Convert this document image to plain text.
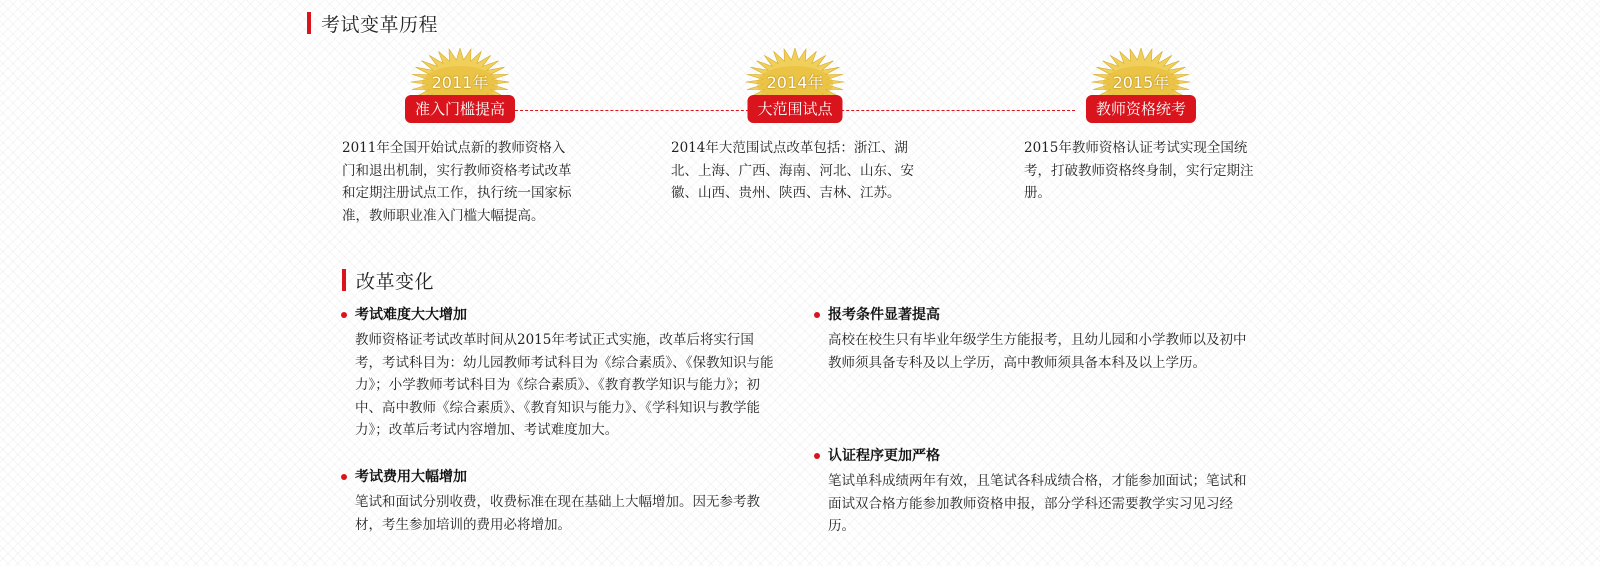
考试变革历程
2011年
准入门槛提高
2014年
大范围试点
2015年
教师资格统考
2011年全国开始试点新的教师资格入门和退出机制，实行教师资格考试改革和定期注册试点工作，执行统一国家标准，教师职业准入门槛大幅提高。
2014年大范围试点改革包括：浙江、湖北、上海、广西、海南、河北、山东、安徽、山西、贵州、陕西、吉林、江苏。
2015年教师资格认证考试实现全国统考，打破教师资格终身制，实行定期注册。
改革变化
考试难度大大增加
教师资格证考试改革时间从2015年考试正式实施，改革后将实行国考，考试科目为：幼儿园教师考试科目为《综合素质》、《保教知识与能力》；小学教师考试科目为《综合素质》、《教育教学知识与能力》；初中、高中教师《综合素质》、《教育知识与能力》、《学科知识与教学能力》；改革后考试内容增加、考试难度加大。
报考条件显著提高
高校在校生只有毕业年级学生方能报考，且幼儿园和小学教师以及初中教师须具备专科及以上学历，高中教师须具备本科及以上学历。
考试费用大幅增加
笔试和面试分别收费，收费标准在现在基础上大幅增加。因无参考教材，考生参加培训的费用必将增加。
认证程序更加严格
笔试单科成绩两年有效，且笔试各科成绩合格，才能参加面试；笔试和面试双合格方能参加教师资格申报，部分学科还需要教学实习见习经历。
